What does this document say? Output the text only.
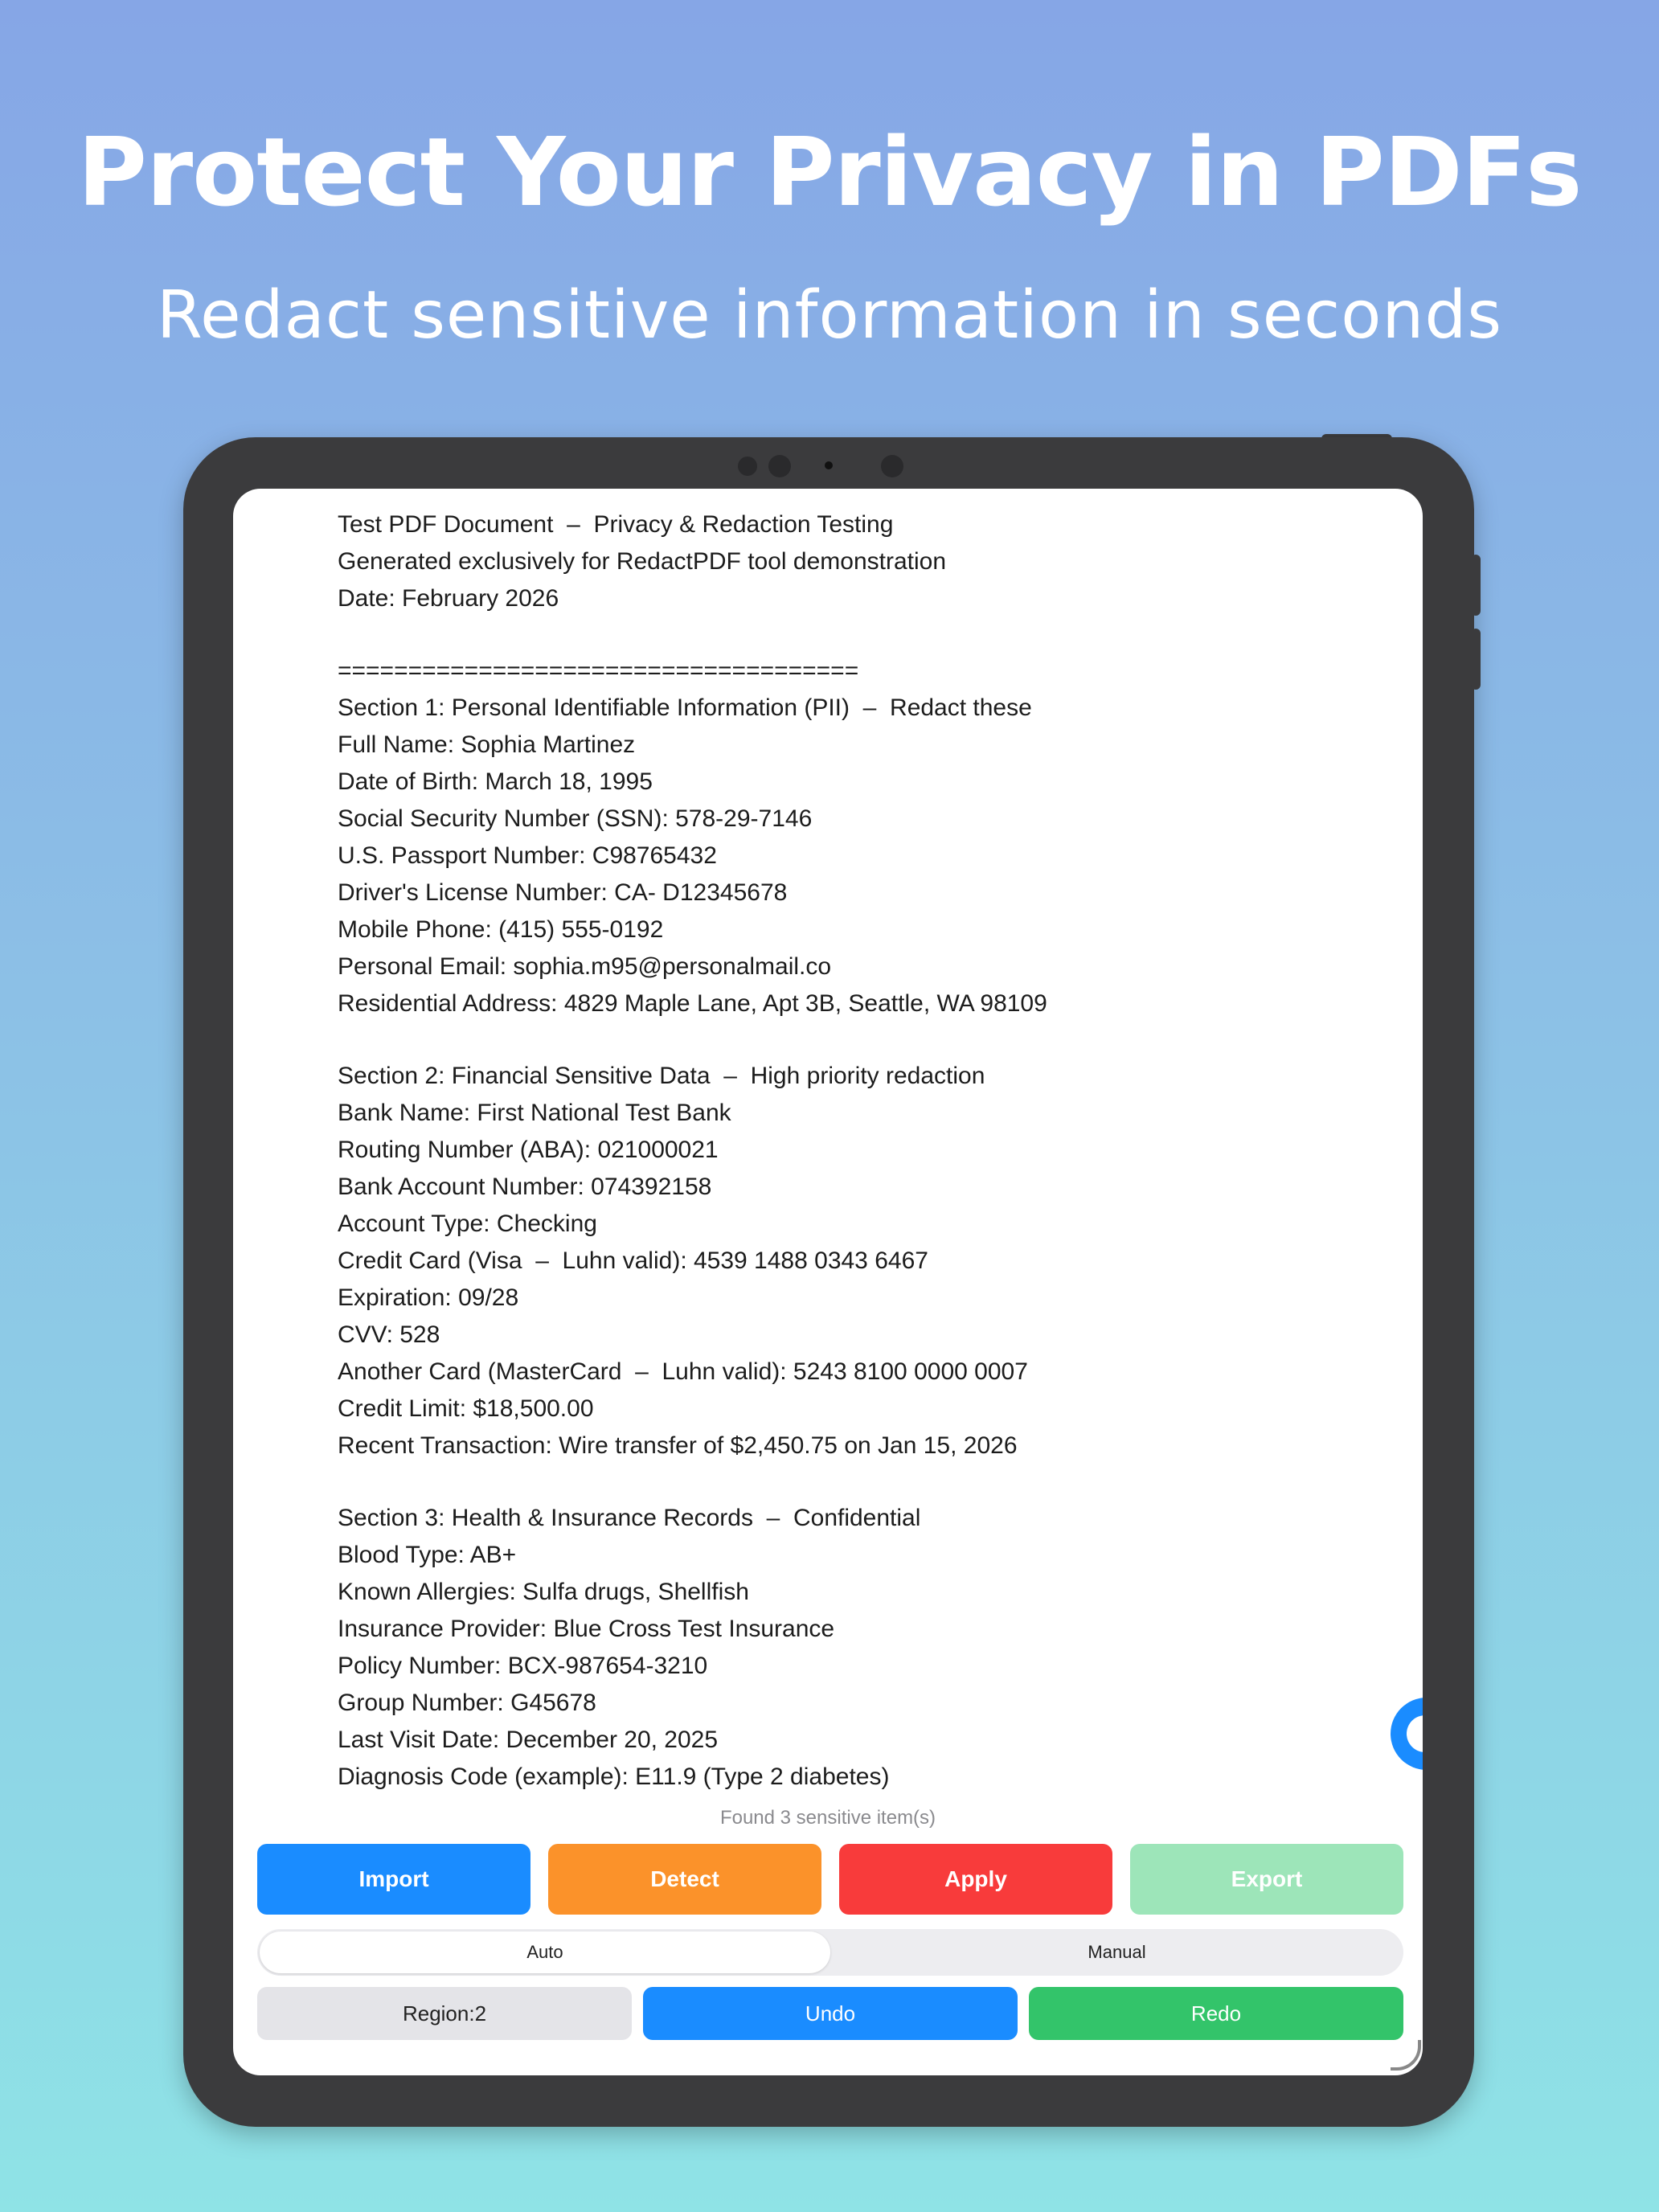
Protect Your Privacy in PDFs
Redact sensitive information in seconds
Test PDF Document  –  Privacy & Redaction Testing
Generated exclusively for RedactPDF tool demonstration
Date: February 2026
=====================================
Section 1: Personal Identifiable Information (PII)  –  Redact these
Full Name: Sophia Martinez
Date of Birth: March 18, 1995
Social Security Number (SSN): 578-29-7146
U.S. Passport Number: C98765432
Driver's License Number: CA- D12345678
Mobile Phone: (415) 555-0192
Personal Email: sophia.m95@personalmail.co
Residential Address: 4829 Maple Lane, Apt 3B, Seattle, WA 98109
Section 2: Financial Sensitive Data  –  High priority redaction
Bank Name: First National Test Bank
Routing Number (ABA): 021000021
Bank Account Number: 074392158
Account Type: Checking
Credit Card (Visa  –  Luhn valid): 4539 1488 0343 6467
Expiration: 09/28
CVV: 528
Another Card (MasterCard  –  Luhn valid): 5243 8100 0000 0007
Credit Limit: $18,500.00
Recent Transaction: Wire transfer of $2,450.75 on Jan 15, 2026
Section 3: Health & Insurance Records  –  Confidential
Blood Type: AB+
Known Allergies: Sulfa drugs, Shellfish
Insurance Provider: Blue Cross Test Insurance
Policy Number: BCX-987654-3210
Group Number: G45678
Last Visit Date: December 20, 2025
Diagnosis Code (example): E11.9 (Type 2 diabetes)
Found 3 sensitive item(s)
Import	Detect	Apply	Export
Auto	Manual
Region:2	Undo	Redo
